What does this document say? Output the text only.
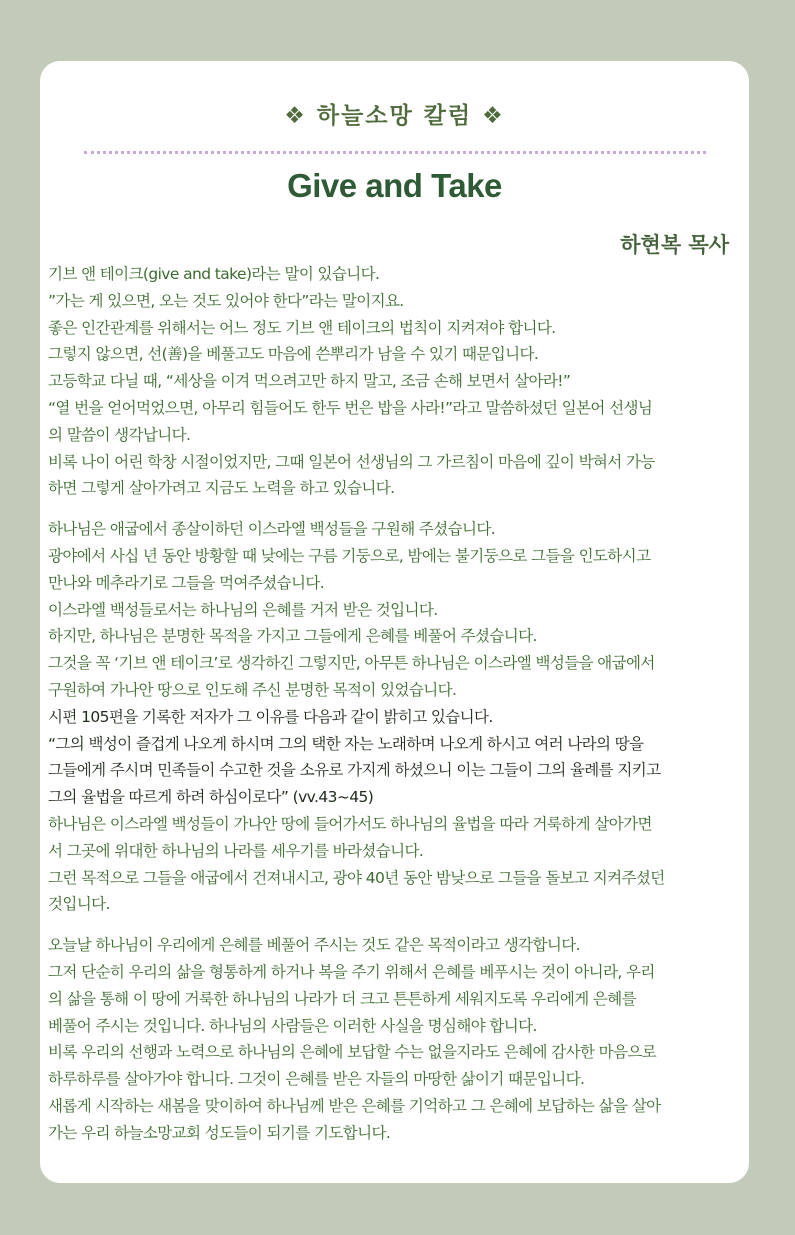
❖ 하늘소망 칼럼 ❖
Give and Take
하현복 목사

기브 앤 테이크(give and take)라는 말이 있습니다.

”가는 게 있으면, 오는 것도 있어야 한다”라는 말이지요.

좋은 인간관계를 위해서는 어느 정도 기브 앤 테이크의 법칙이 지켜져야 합니다.

그렇지 않으면, 선(善)을 베풀고도 마음에 쓴뿌리가 남을 수 있기 때문입니다.

고등학교 다닐 때, “세상을 이겨 먹으려고만 하지 말고, 조금 손해 보면서 살아라!”

“열 번을 얻어먹었으면, 아무리 힘들어도 한두 번은 밥을 사라!”라고 말씀하셨던 일본어 선생님

의 말씀이 생각납니다.

비록 나이 어린 학창 시절이었지만, 그때 일본어 선생님의 그 가르침이 마음에 깊이 박혀서 가능

하면 그렇게 살아가려고 지금도 노력을 하고 있습니다.

하나님은 애굽에서 종살이하던 이스라엘 백성들을 구원해 주셨습니다.

광야에서 사십 년 동안 방황할 때 낮에는 구름 기둥으로, 밤에는 불기둥으로 그들을 인도하시고

만나와 메추라기로 그들을 먹여주셨습니다.

이스라엘 백성들로서는 하나님의 은혜를 거저 받은 것입니다.

하지만, 하나님은 분명한 목적을 가지고 그들에게 은혜를 베풀어 주셨습니다.

그것을 꼭 ‘기브 앤 테이크’로 생각하긴 그렇지만, 아무튼 하나님은 이스라엘 백성들을 애굽에서

구원하여 가나안 땅으로 인도해 주신 분명한 목적이 있었습니다.

시편 105편을 기록한 저자가 그 이유를 다음과 같이 밝히고 있습니다.

“그의 백성이 즐겁게 나오게 하시며 그의 택한 자는 노래하며 나오게 하시고 여러 나라의 땅을

그들에게 주시며 민족들이 수고한 것을 소유로 가지게 하셨으니 이는 그들이 그의 율례를 지키고

그의 율법을 따르게 하려 하심이로다” (vv.43~45)

하나님은 이스라엘 백성들이 가나안 땅에 들어가서도 하나님의 율법을 따라 거룩하게 살아가면

서 그곳에 위대한 하나님의 나라를 세우기를 바라셨습니다.

그런 목적으로 그들을 애굽에서 건져내시고, 광야 40년 동안 밤낮으로 그들을 돌보고 지켜주셨던

것입니다.

오늘날 하나님이 우리에게 은혜를 베풀어 주시는 것도 같은 목적이라고 생각합니다.

그저 단순히 우리의 삶을 형통하게 하거나 복을 주기 위해서 은혜를 베푸시는 것이 아니라, 우리

의 삶을 통해 이 땅에 거룩한 하나님의 나라가 더 크고 튼튼하게 세워지도록 우리에게 은혜를

베풀어 주시는 것입니다. 하나님의 사람들은 이러한 사실을 명심해야 합니다.

비록 우리의 선행과 노력으로 하나님의 은혜에 보답할 수는 없을지라도 은혜에 감사한 마음으로

하루하루를 살아가야 합니다. 그것이 은혜를 받은 자들의 마땅한 삶이기 때문입니다.

새롭게 시작하는 새봄을 맞이하여 하나님께 받은 은혜를 기억하고 그 은혜에 보답하는 삶을 살아

가는 우리 하늘소망교회 성도들이 되기를 기도합니다.
